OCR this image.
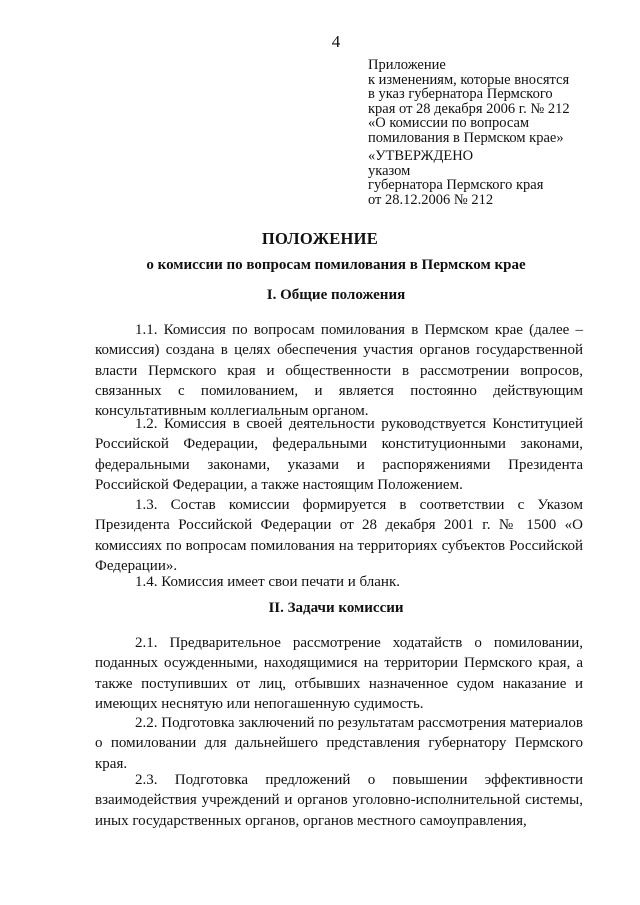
4
Приложение
к изменениям, которые вносятся
в указ губернатора Пермского
края от 28 декабря 2006 г. № 212
«О комиссии по вопросам
помилования в Пермском крае»
«УТВЕРЖДЕНО
указом
губернатора Пермского края
от 28.12.2006 № 212
ПОЛОЖЕНИЕ
о комиссии по вопросам помилования в Пермском крае
I. Общие положения
1.1. Комиссия по вопросам помилования в Пермском крае (далее – комиссия) создана в целях обеспечения участия органов государственной власти Пермского края и общественности в рассмотрении вопросов, связанных с помилованием, и является постоянно действующим консультативным коллегиальным органом.
1.2. Комиссия в своей деятельности руководствуется Конституцией Российской Федерации, федеральными конституционными законами, федеральными законами, указами и распоряжениями Президента Российской Федерации, а также настоящим Положением.
1.3. Состав комиссии формируется в соответствии с Указом Президента Российской Федерации от 28 декабря 2001 г. № 1500 «О комиссиях по вопросам помилования на территориях субъектов Российской Федерации».
1.4. Комиссия имеет свои печати и бланк.
II. Задачи комиссии
2.1. Предварительное рассмотрение ходатайств о помиловании, поданных осужденными, находящимися на территории Пермского края, а также поступивших от лиц, отбывших назначенное судом наказание и имеющих неснятую или непогашенную судимость.
2.2. Подготовка заключений по результатам рассмотрения материалов о помиловании для дальнейшего представления губернатору Пермского края.
2.3. Подготовка предложений о повышении эффективности взаимодействия учреждений и органов уголовно-исполнительной системы, иных государственных органов, органов местного самоуправления,
